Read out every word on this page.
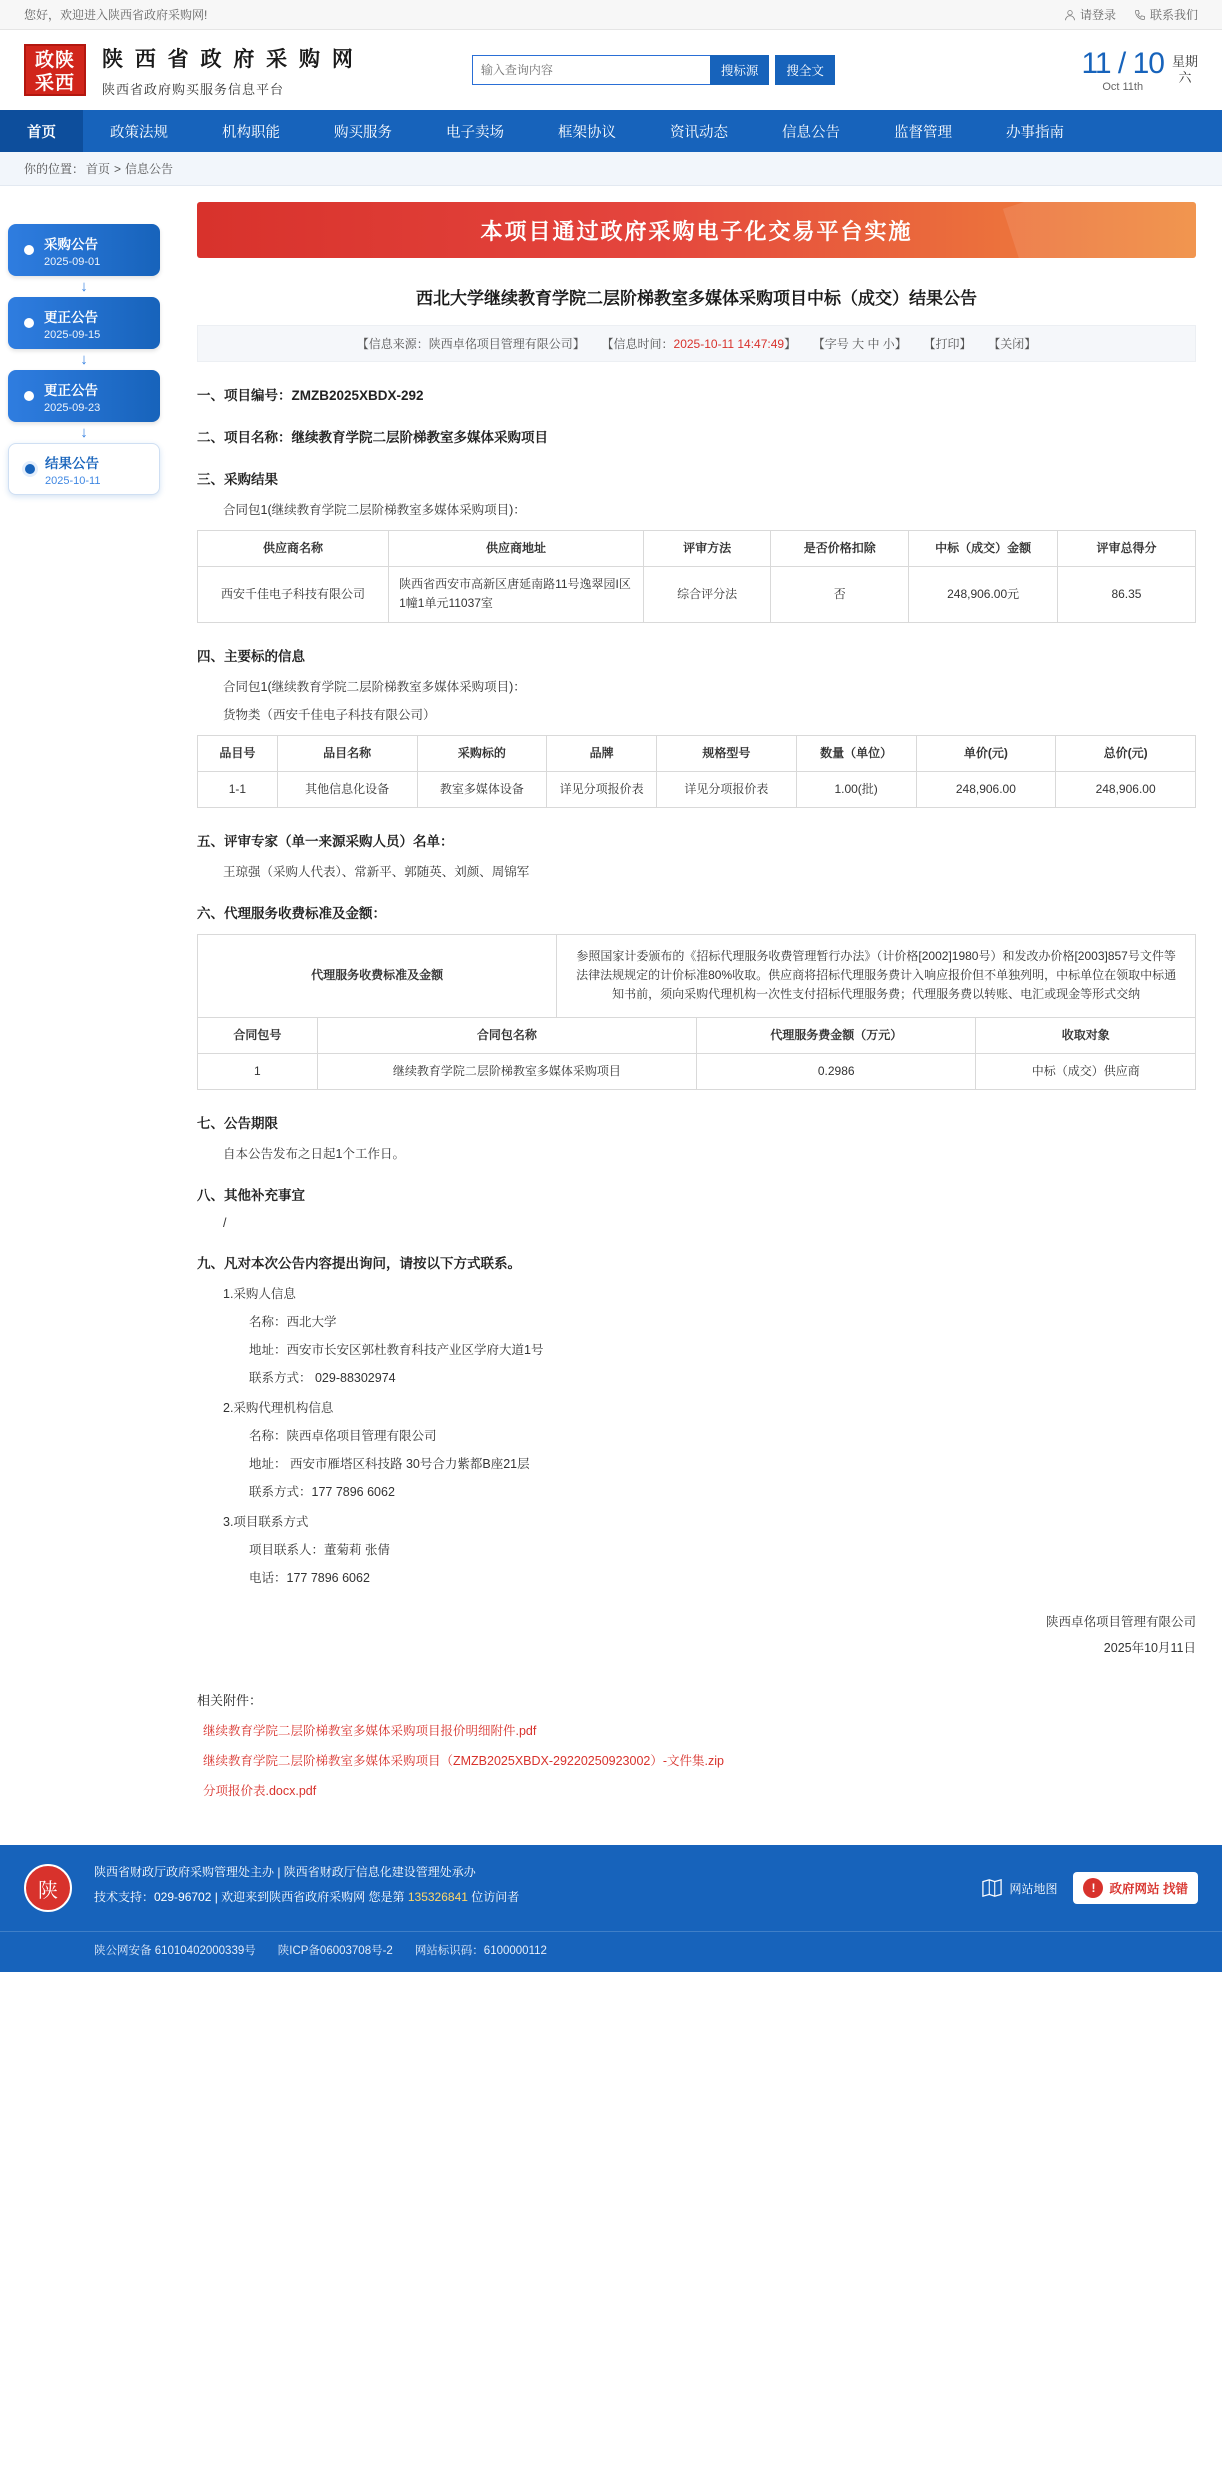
您好，欢迎进入陕西省政府采购网!	请登录	联系我们
政陕
采西
陕 西 省 政 府 采 购 网
陕西省政府购买服务信息平台
输入查询内容
搜标源	搜全文	11 / 10
Oct 11th
星期
六
首页	政策法规	机构职能	购买服务	电子卖场	框架协议	资讯动态	信息公告	监督管理	办事指南
你的位置： 首页 > 信息公告
采购公告
2025-09-01
↓
更正公告
2025-09-15
↓
更正公告
2025-09-23
↓
结果公告
2025-10-11
本项目通过政府采购电子化交易平台实施
西北大学继续教育学院二层阶梯教室多媒体采购项目中标（成交）结果公告
【信息来源：陕西卓佲项目管理有限公司】 【信息时间：2025-10-11 14:47:49】 【字号 大 中 小】 【打印】 【关闭】
一、项目编号：ZMZB2025XBDX-292
二、项目名称：继续教育学院二层阶梯教室多媒体采购项目
三、采购结果
合同包1(继续教育学院二层阶梯教室多媒体采购项目)：
供应商名称	供应商地址	评审方法	是否价格扣除	中标（成交）金额	评审总得分
西安千佳电子科技有限公司	陕西省西安市高新区唐延南路11号逸翠园I区1幢1单元11037室	综合评分法	否	248,906.00元	86.35
四、主要标的信息
合同包1(继续教育学院二层阶梯教室多媒体采购项目)：
货物类（西安千佳电子科技有限公司）
品目号	品目名称	采购标的	品牌	规格型号	数量（单位）	单价(元)	总价(元)
1-1	其他信息化设备	教室多媒体设备	详见分项报价表	详见分项报价表	1.00(批)	248,906.00	248,906.00
五、评审专家（单一来源采购人员）名单：
王琼强（采购人代表）、常新平、郭随英、刘颜、周锦军
六、代理服务收费标准及金额：
代理服务收费标准及金额	参照国家计委颁布的《招标代理服务收费管理暂行办法》（计价格[2002]1980号）和发改办价格[2003]857号文件等法律法规规定的计价标准80%收取。供应商将招标代理服务费计入响应报价但不单独列明，中标单位在领取中标通知书前，须向采购代理机构一次性支付招标代理服务费；代理服务费以转账、电汇或现金等形式交纳
合同包号	合同包名称	代理服务费金额（万元）	收取对象
1	继续教育学院二层阶梯教室多媒体采购项目	0.2986	中标（成交）供应商
七、公告期限
自本公告发布之日起1个工作日。
八、其他补充事宜
/
九、凡对本次公告内容提出询问，请按以下方式联系。
1.采购人信息
名称：西北大学
地址：西安市长安区郭杜教育科技产业区学府大道1号
联系方式： 029-88302974
2.采购代理机构信息
名称：陕西卓佲项目管理有限公司
地址： 西安市雁塔区科技路 30号合力紫都B座21层
联系方式：177 7896 6062
3.项目联系方式
项目联系人：董菊莉 张倩
电话：177 7896 6062
陕西卓佲项目管理有限公司
2025年10月11日
相关附件：
继续教育学院二层阶梯教室多媒体采购项目报价明细附件.pdf
继续教育学院二层阶梯教室多媒体采购项目（ZMZB2025XBDX-29220250923002）-文件集.zip
分项报价表.docx.pdf
陕
陕西省财政厅政府采购管理处主办 | 陕西省财政厅信息化建设管理处承办
技术支持：029-96702 | 欢迎来到陕西省政府采购网 您是第 135326841 位访问者
网站地图	!	政府网站 找错
陕公网安备 61010402000339号 陕ICP备06003708号-2 网站标识码：6100000112
